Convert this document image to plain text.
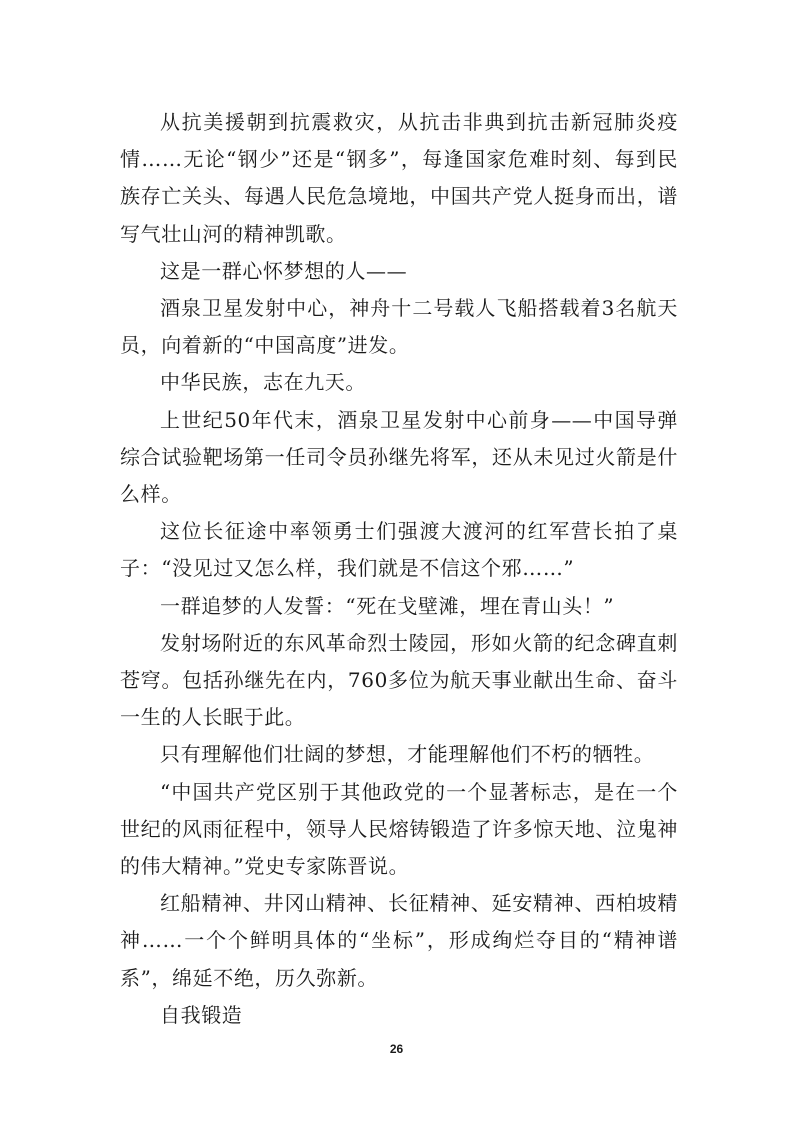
从抗美援朝到抗震救灾，从抗击非典到抗击新冠肺炎疫情……无论“钢少”还是“钢多”，每逢国家危难时刻、每到民族存亡关头、每遇人民危急境地，中国共产党人挺身而出，谱写气壮山河的精神凯歌。

这是一群心怀梦想的人——

酒泉卫星发射中心，神舟十二号载人飞船搭载着3名航天员，向着新的“中国高度”进发。

中华民族，志在九天。

上世纪50年代末，酒泉卫星发射中心前身——中国导弹综合试验靶场第一任司令员孙继先将军，还从未见过火箭是什么样。

这位长征途中率领勇士们强渡大渡河的红军营长拍了桌子：“没见过又怎么样，我们就是不信这个邪……”

一群追梦的人发誓：“死在戈壁滩，埋在青山头！”

发射场附近的东风革命烈士陵园，形如火箭的纪念碑直刺苍穹。包括孙继先在内，760多位为航天事业献出生命、奋斗一生的人长眠于此。

只有理解他们壮阔的梦想，才能理解他们不朽的牺牲。

“中国共产党区别于其他政党的一个显著标志，是在一个世纪的风雨征程中，领导人民熔铸锻造了许多惊天地、泣鬼神的伟大精神。”党史专家陈晋说。

红船精神、井冈山精神、长征精神、延安精神、西柏坡精神……一个个鲜明具体的“坐标”，形成绚烂夺目的“精神谱系”，绵延不绝，历久弥新。

自我锻造

26
